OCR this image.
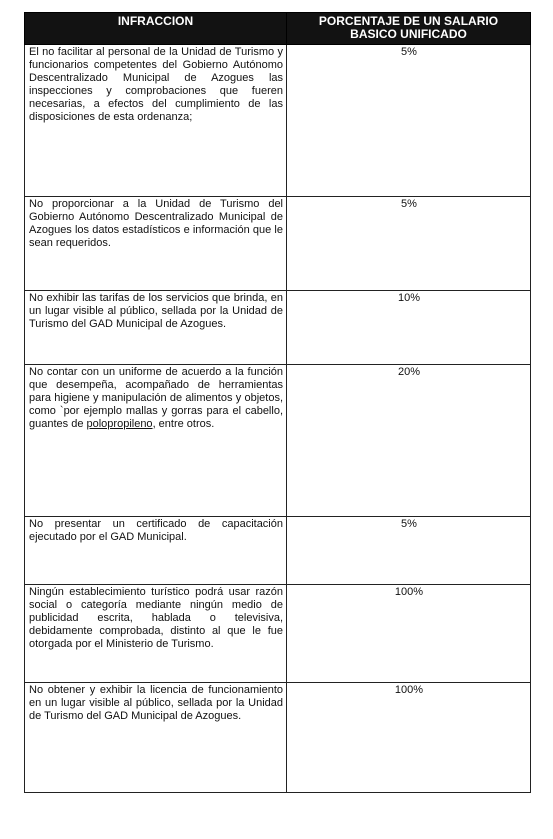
INFRACCION	PORCENTAJE DE UN SALARIO
BASICO UNIFICADO
El no facilitar al personal de la Unidad de Turismo y funcionarios competentes del Gobierno Autónomo Descentralizado Municipal de Azogues las inspecciones y comprobaciones que fueren necesarias, a efectos del cumplimiento de las disposiciones de esta ordenanza;	5%
No proporcionar a la Unidad de Turismo del Gobierno Autónomo Descentralizado Municipal de Azogues los datos estadísticos e información que le sean requeridos.	5%
No exhibir las tarifas de los servicios que brinda, en un lugar visible al público, sellada por la Unidad de Turismo del GAD Municipal de Azogues.	10%
No contar con un uniforme de acuerdo a la función que desempeña, acompañado de herramientas para higiene y manipulación de alimentos y objetos, como `por ejemplo mallas y gorras para el cabello, guantes de polopropileno, entre otros.	20%
No presentar un certificado de capacitación ejecutado por el GAD Municipal.	5%
Ningún establecimiento turístico podrá usar razón social o categoría mediante ningún medio de publicidad escrita, hablada o televisiva, debidamente comprobada, distinto al que le fue otorgada por el Ministerio de Turismo.	100%
No obtener y exhibir la licencia de funcionamiento en un lugar visible al público, sellada por la Unidad de Turismo del GAD Municipal de Azogues.	100%
